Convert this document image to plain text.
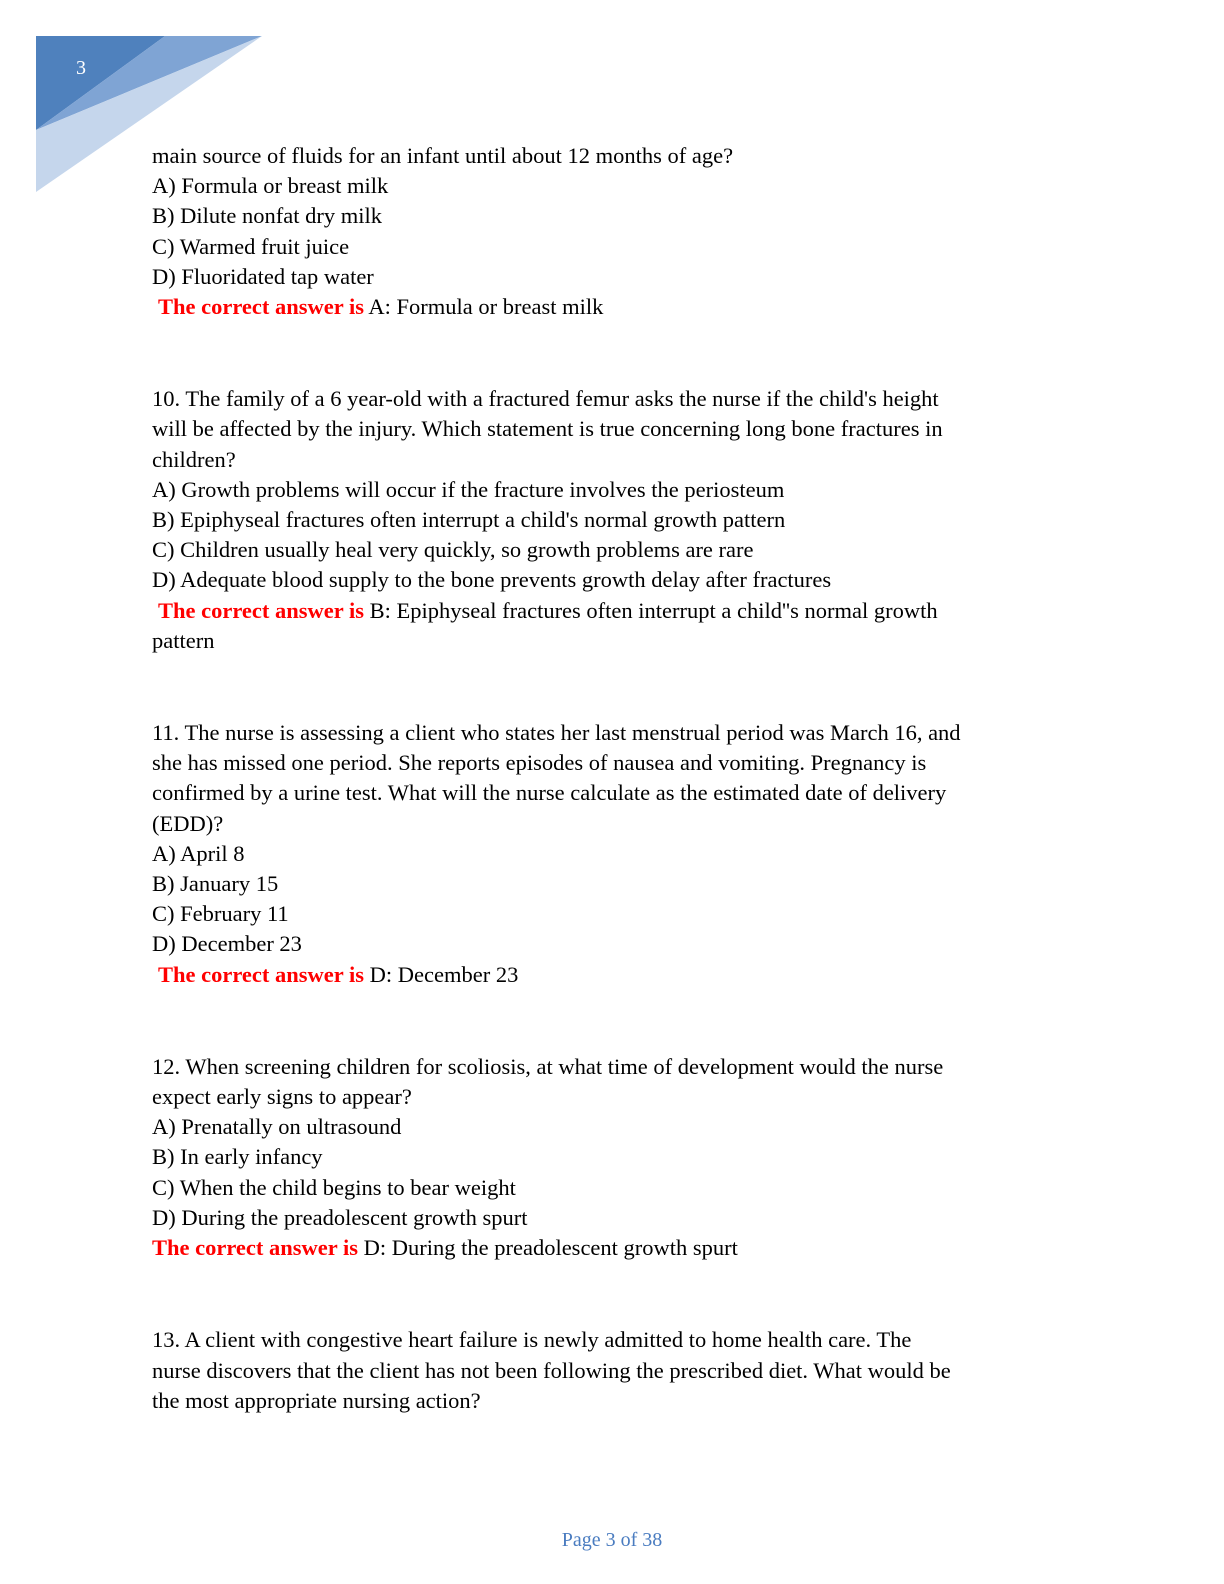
3
main source of fluids for an infant until about 12 months of age?
A) Formula or breast milk
B) Dilute nonfat dry milk
C) Warmed fruit juice
D) Fluoridated tap water
The correct answer is A: Formula or breast milk
10. The family of a 6 year-old with a fractured femur asks the nurse if the child's height
will be affected by the injury. Which statement is true concerning long bone fractures in
children?
A) Growth problems will occur if the fracture involves the periosteum
B) Epiphyseal fractures often interrupt a child's normal growth pattern
C) Children usually heal very quickly, so growth problems are rare
D) Adequate blood supply to the bone prevents growth delay after fractures
The correct answer is B: Epiphyseal fractures often interrupt a child''s normal growth
pattern
11. The nurse is assessing a client who states her last menstrual period was March 16, and
she has missed one period. She reports episodes of nausea and vomiting. Pregnancy is
confirmed by a urine test. What will the nurse calculate as the estimated date of delivery
(EDD)?
A) April 8
B) January 15
C) February 11
D) December 23
The correct answer is D: December 23
12. When screening children for scoliosis, at what time of development would the nurse
expect early signs to appear?
A) Prenatally on ultrasound
B) In early infancy
C) When the child begins to bear weight
D) During the preadolescent growth spurt
The correct answer is D: During the preadolescent growth spurt
13. A client with congestive heart failure is newly admitted to home health care. The
nurse discovers that the client has not been following the prescribed diet. What would be
the most appropriate nursing action?
Page 3 of 38
